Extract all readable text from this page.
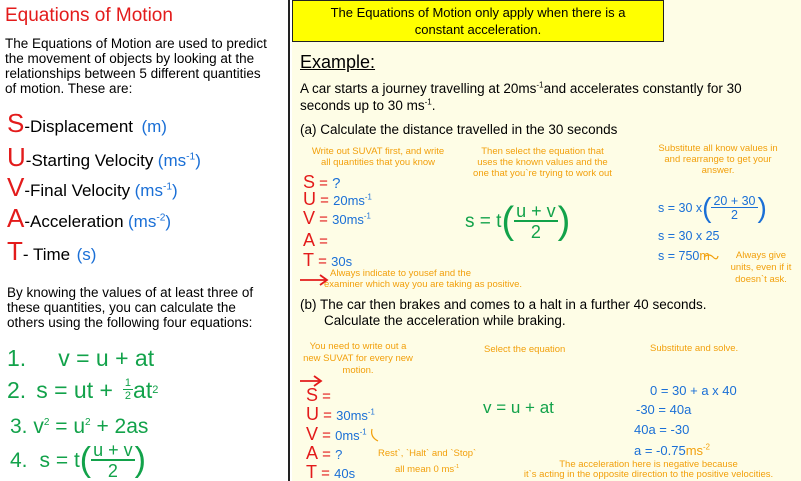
Equations of Motion
The Equations of Motion are used to predict
the movement of objects by looking at the
relationships between 5 different quantities
of motion. These are:
S-Displacement (m)
U-Starting Velocity $(ms^{-1})$
V-Final Velocity $(ms^{-1})$
A-Acceleration $(ms^{-2})$
T- Time (s)
By knowing the values of at least three of
these quantities, you can calculate the
others using the following four equations:
1. v = u + at
2. s = ut + $\frac{1}{2}$ at 2
3. $v^2 = u^2 + 2as$
4. s = t ( $\frac{u + v}{2}$ )
The Equations of Motion only apply when there is a
constant acceleration.
Example:
A car starts a journey travelling at $20ms^{-1}and$ accelerates constantly for 30
seconds up to 30 $ms^{-1}$.
(a) Calculate the distance travelled in the 30 seconds
Write out SUVAT first, and write
all quantities that you know
Then select the equation that
uses the known values and the
one that you`re trying to work out
Substitute all know values in
and rearrange to get your
answer.
S = ?
$U = 20ms^{-1}$
$V = 30ms^{-1}$
A =
T = 30s
s = t ( $\frac{u + v}{2}$ )	s = 30 x ( $\frac{20 + 30}{2}$ )
s = 30 x 25
s = 750m	Always give
units, even if it
doesn`t ask.
Always indicate to yousef and the
examiner which way you are taking as positive.
(b) The car then brakes and comes to a halt in a further 40 seconds.
Calculate the acceleration while braking.
You need to write out a
new SUVAT for every new
motion.
Select the equation	Substitute and solve.
S =
$U = 30ms^{-1}$
$V = 0ms^{-1}$
A = ?
T = 40s
Rest`, `Halt` and `Stop`
all mean 0 $ms^{-1}$
v = u + at
0 = 30 + a x 40
-30 = 40a
40a = -30
$a = -0.75ms^{-2}$
The acceleration here is negative because
it`s acting in the opposite direction to the positive velocities.
